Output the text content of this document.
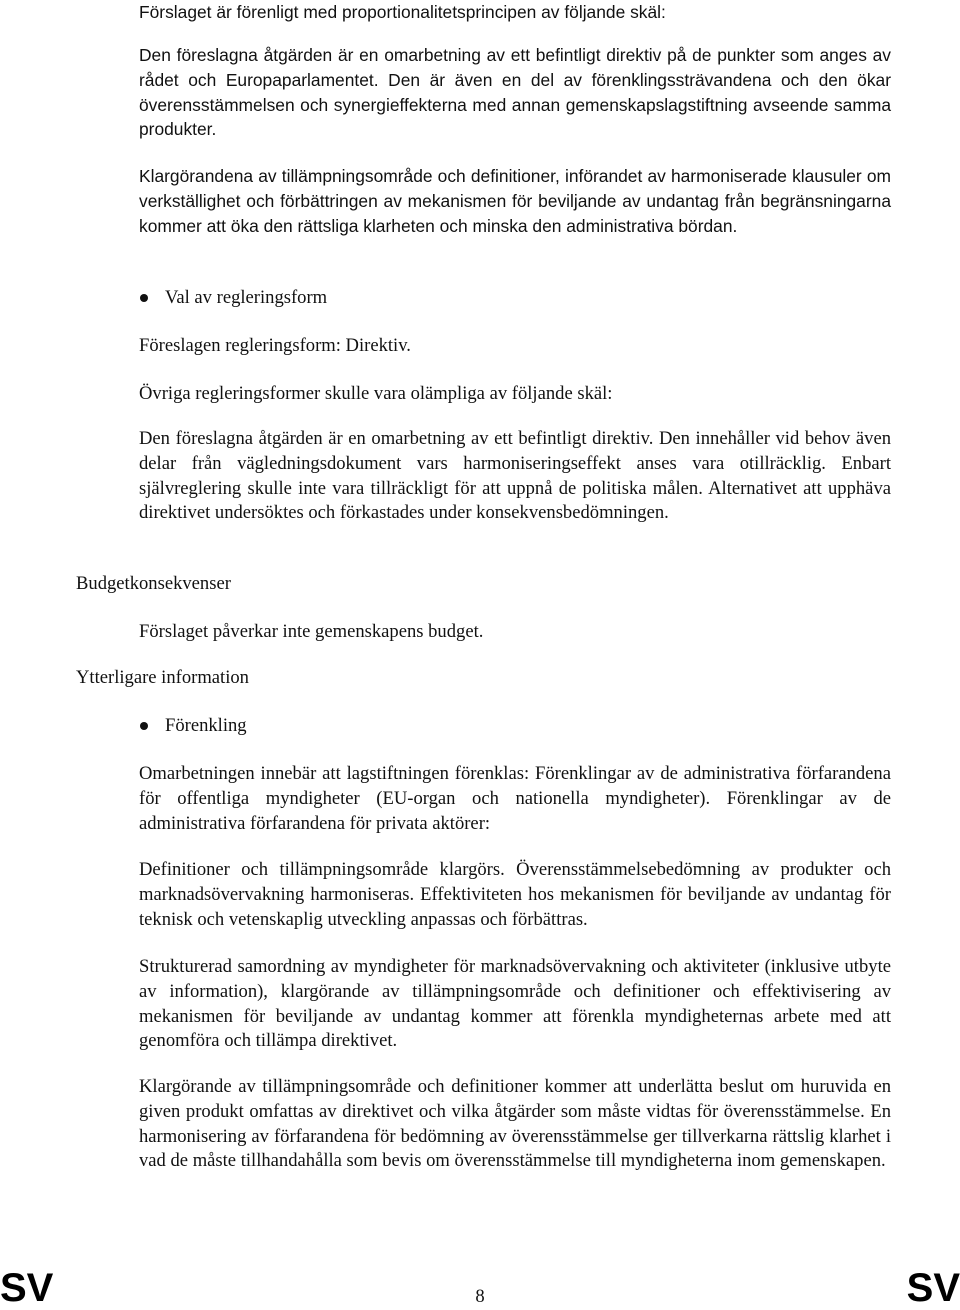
Förslaget är förenligt med proportionalitetsprincipen av följande skäl:

Den föreslagna åtgärden är en omarbetning av ett befintligt direktiv på de punkter som anges av rådet och Europaparlamentet. Den är även en del av förenklingssträvandena och den ökar överensstämmelsen och synergieffekterna med annan gemenskapslagstiftning avseende samma produkter.

Klargörandena av tillämpningsområde och definitioner, införandet av harmoniserade klausuler om verkställighet och förbättringen av mekanismen för beviljande av undantag från begränsningarna kommer att öka den rättsliga klarheten och minska den administrativa bördan.

Val av regleringsform

Föreslagen regleringsform: Direktiv.

Övriga regleringsformer skulle vara olämpliga av följande skäl:

Den föreslagna åtgärden är en omarbetning av ett befintligt direktiv. Den innehåller vid behov även delar från vägledningsdokument vars harmoniseringseffekt anses vara otillräcklig. Enbart självreglering skulle inte vara tillräckligt för att uppnå de politiska målen. Alternativet att upphäva direktivet undersöktes och förkastades under konsekvensbedömningen.

Budgetkonsekvenser

Förslaget påverkar inte gemenskapens budget.

Ytterligare information

Förenkling

Omarbetningen innebär att lagstiftningen förenklas: Förenklingar av de administrativa förfarandena för offentliga myndigheter (EU-organ och nationella myndigheter). Förenklingar av de administrativa förfarandena för privata aktörer:

Definitioner och tillämpningsområde klargörs. Överensstämmelsebedömning av produkter och marknadsövervakning harmoniseras. Effektiviteten hos mekanismen för beviljande av undantag för teknisk och vetenskaplig utveckling anpassas och förbättras.

Strukturerad samordning av myndigheter för marknadsövervakning och aktiviteter (inklusive utbyte av information), klargörande av tillämpningsområde och definitioner och effektivisering av mekanismen för beviljande av undantag kommer att förenkla myndigheternas arbete med att genomföra och tillämpa direktivet.

Klargörande av tillämpningsområde och definitioner kommer att underlätta beslut om huruvida en given produkt omfattas av direktivet och vilka åtgärder som måste vidtas för överensstämmelse. En harmonisering av förfarandena för bedömning av överensstämmelse ger tillverkarna rättslig klarhet i vad de måste tillhandahålla som bevis om överensstämmelse till myndigheterna inom gemenskapen.

SV	8	SV
